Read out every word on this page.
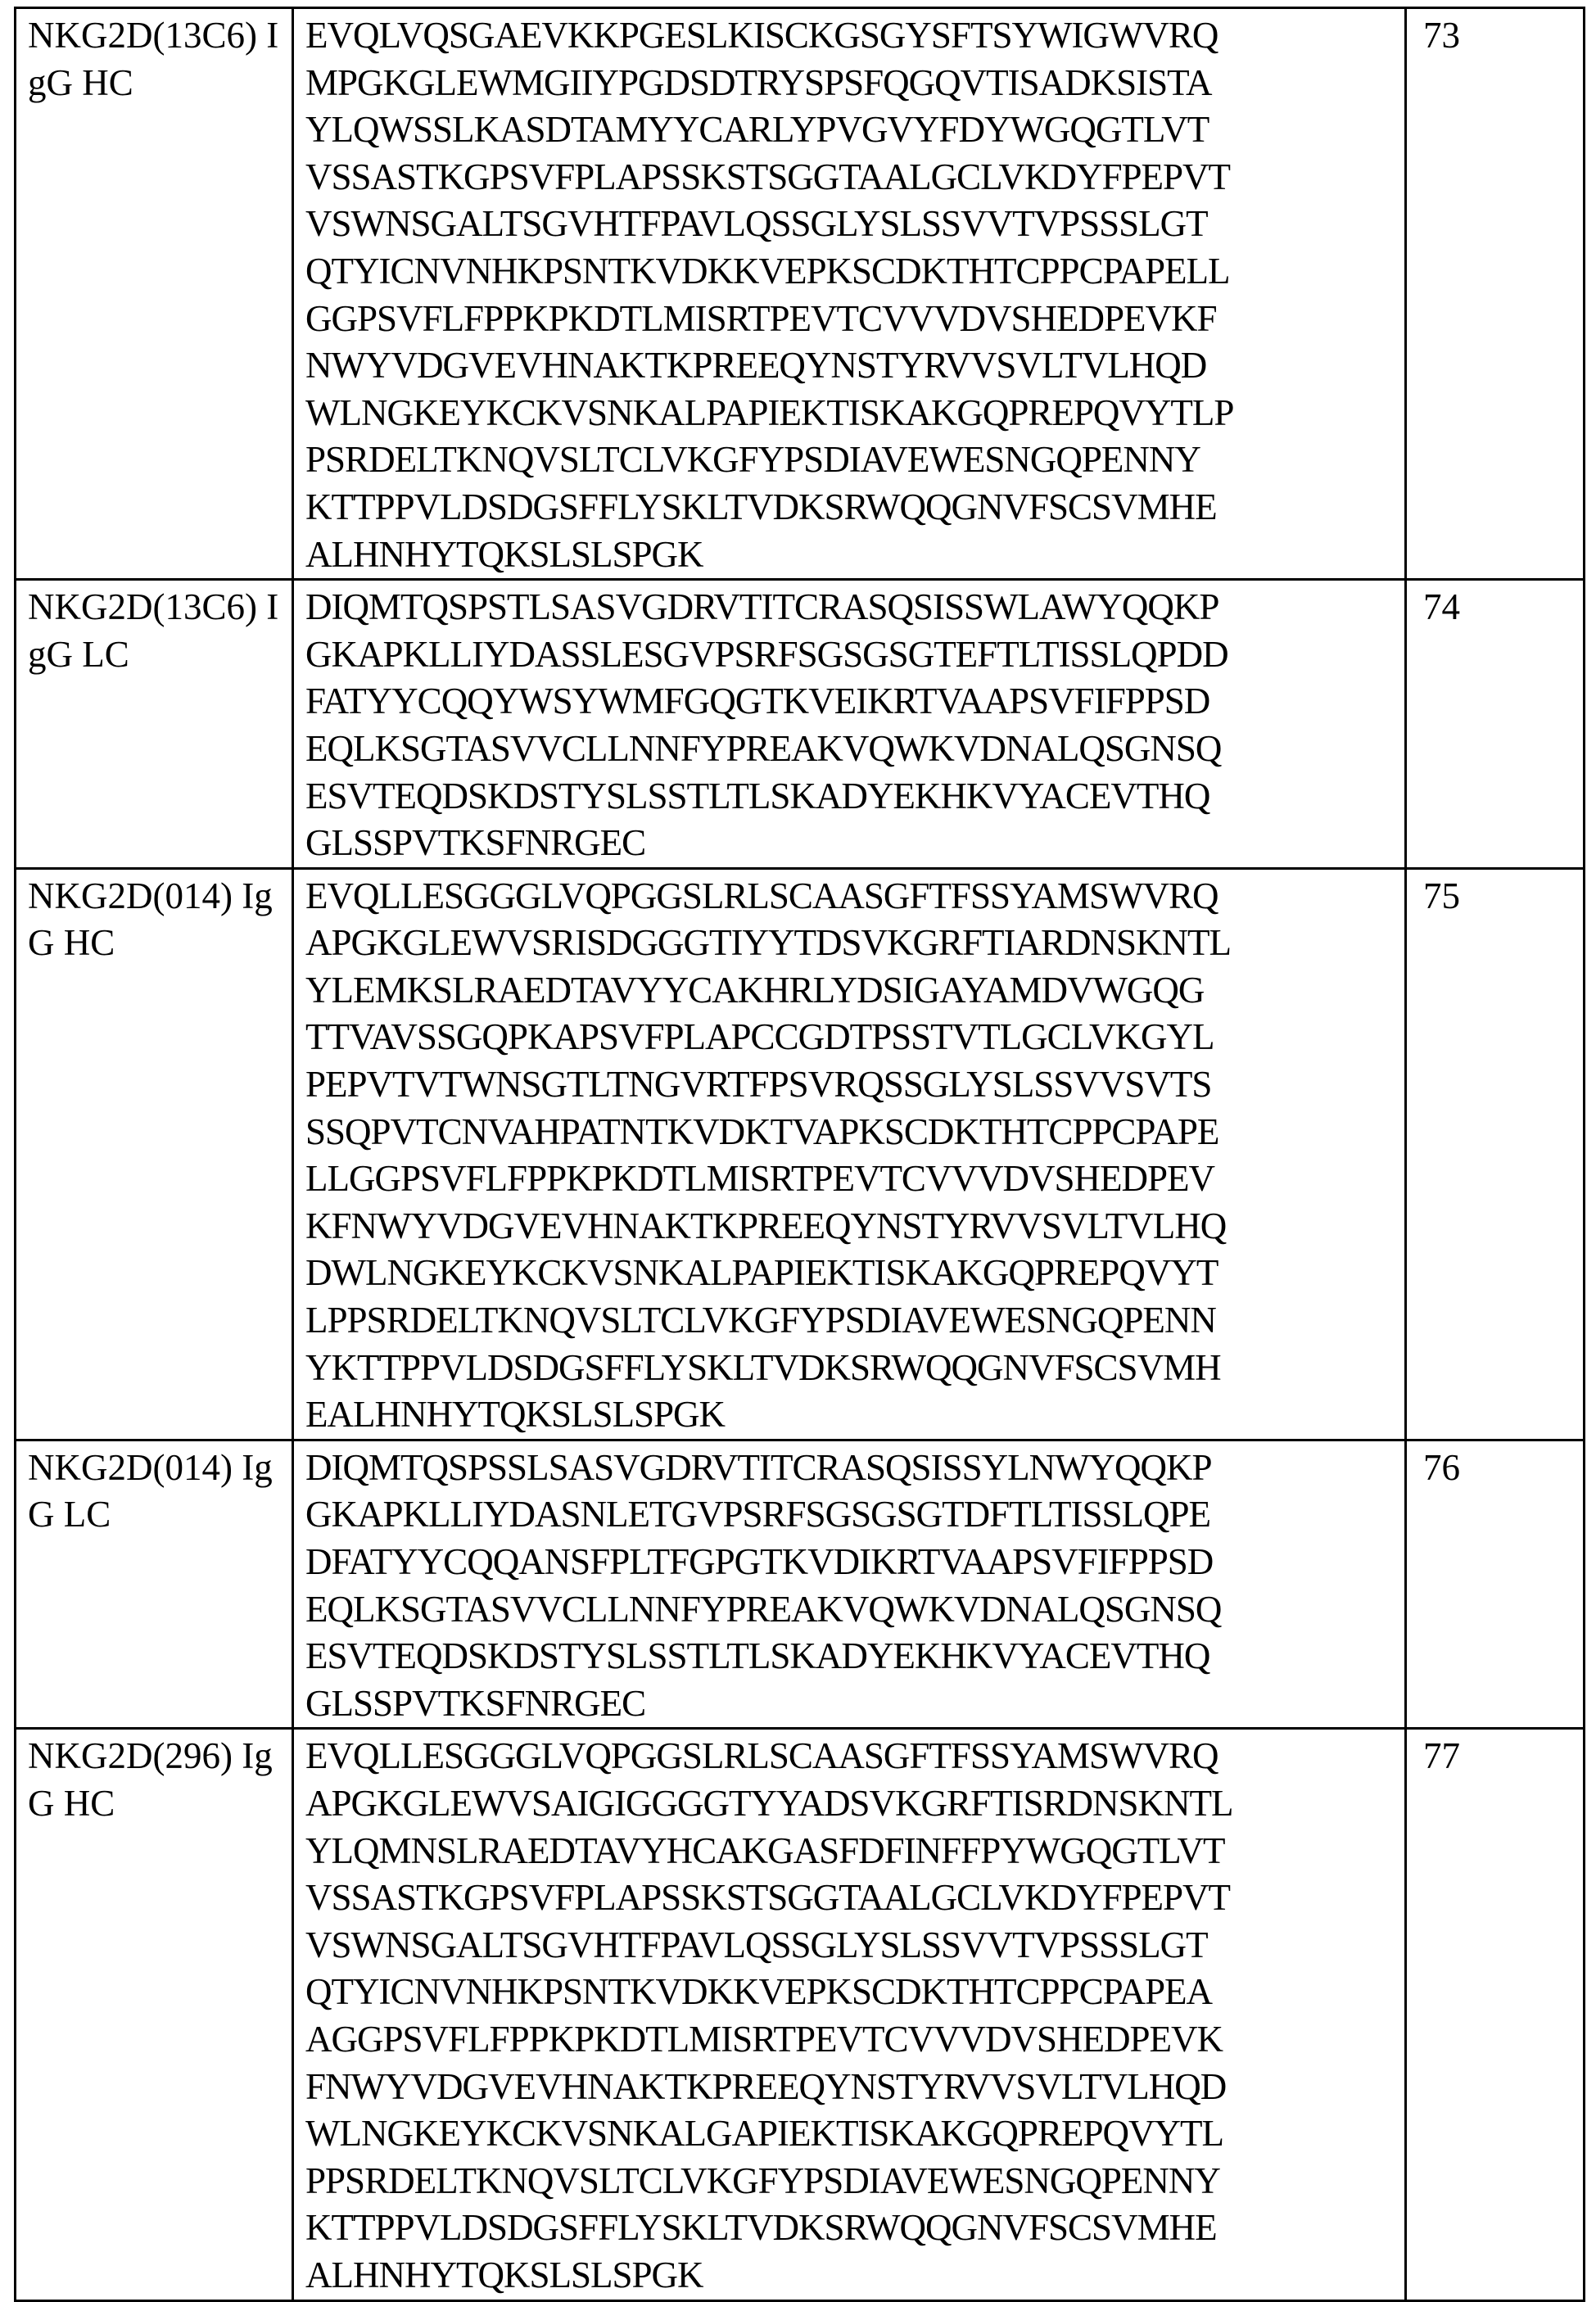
NKG2D(13C6) IgG HC	
EVQLVQSGAEVKKPGESLKISCKGSGYSFTSYWIGWVRQ
MPGKGLEWMGIIYPGDSDTRYSPSFQGQVTISADKSISTA
YLQWSSLKASDTAMYYCARLYPVGVYFDYWGQGTLVT
VSSASTKGPSVFPLAPSSKSTSGGTAALGCLVKDYFPEPVT
VSWNSGALTSGVHTFPAVLQSSGLYSLSSVVTVPSSSLGT
QTYICNVNHKPSNTKVDKKVEPKSCDKTHTCPPCPAPELL
GGPSVFLFPPKPKDTLMISRTPEVTCVVVDVSHEDPEVKF
NWYVDGVEVHNAKTKPREEQYNSTYRVVSVLTVLHQD
WLNGKEYKCKVSNKALPAPIEKTISKAKGQPREPQVYTLP
PSRDELTKNQVSLTCLVKGFYPSDIAVEWESNGQPENNY
KTTPPVLDSDGSFFLYSKLTVDKSRWQQGNVFSCSVMHE
ALHNHYTQKSLSLSPGK
	73
NKG2D(13C6) IgG LC	
DIQMTQSPSTLSASVGDRVTITCRASQSISSWLAWYQQKP
GKAPKLLIYDASSLESGVPSRFSGSGSGTEFTLTISSLQPDD
FATYYCQQYWSYWMFGQGTKVEIKRTVAAPSVFIFPPSD
EQLKSGTASVVCLLNNFYPREAKVQWKVDNALQSGNSQ
ESVTEQDSKDSTYSLSSTLTLSKADYEKHKVYACEVTHQ
GLSSPVTKSFNRGEC
	74
NKG2D(014) IgG HC	
EVQLLESGGGLVQPGGSLRLSCAASGFTFSSYAMSWVRQ
APGKGLEWVSRISDGGGTIYYTDSVKGRFTIARDNSKNTL
YLEMKSLRAEDTAVYYCAKHRLYDSIGAYAMDVWGQG
TTVAVSSGQPKAPSVFPLAPCCGDTPSSTVTLGCLVKGYL
PEPVTVTWNSGTLTNGVRTFPSVRQSSGLYSLSSVVSVTS
SSQPVTCNVAHPATNTKVDKTVAPKSCDKTHTCPPCPAPE
LLGGPSVFLFPPKPKDTLMISRTPEVTCVVVDVSHEDPEV
KFNWYVDGVEVHNAKTKPREEQYNSTYRVVSVLTVLHQ
DWLNGKEYKCKVSNKALPAPIEKTISKAKGQPREPQVYT
LPPSRDELTKNQVSLTCLVKGFYPSDIAVEWESNGQPENN
YKTTPPVLDSDGSFFLYSKLTVDKSRWQQGNVFSCSVMH
EALHNHYTQKSLSLSPGK
	75
NKG2D(014) IgG LC	
DIQMTQSPSSLSASVGDRVTITCRASQSISSYLNWYQQKP
GKAPKLLIYDASNLETGVPSRFSGSGSGTDFTLTISSLQPE
DFATYYCQQANSFPLTFGPGTKVDIKRTVAAPSVFIFPPSD
EQLKSGTASVVCLLNNFYPREAKVQWKVDNALQSGNSQ
ESVTEQDSKDSTYSLSSTLTLSKADYEKHKVYACEVTHQ
GLSSPVTKSFNRGEC
	76
NKG2D(296) IgG HC	
EVQLLESGGGLVQPGGSLRLSCAASGFTFSSYAMSWVRQ
APGKGLEWVSAIGIGGGGTYYADSVKGRFTISRDNSKNTL
YLQMNSLRAEDTAVYHCAKGASFDFINFFPYWGQGTLVT
VSSASTKGPSVFPLAPSSKSTSGGTAALGCLVKDYFPEPVT
VSWNSGALTSGVHTFPAVLQSSGLYSLSSVVTVPSSSLGT
QTYICNVNHKPSNTKVDKKVEPKSCDKTHTCPPCPAPEA
AGGPSVFLFPPKPKDTLMISRTPEVTCVVVDVSHEDPEVK
FNWYVDGVEVHNAKTKPREEQYNSTYRVVSVLTVLHQD
WLNGKEYKCKVSNKALGAPIEKTISKAKGQPREPQVYTL
PPSRDELTKNQVSLTCLVKGFYPSDIAVEWESNGQPENNY
KTTPPVLDSDGSFFLYSKLTVDKSRWQQGNVFSCSVMHE
ALHNHYTQKSLSLSPGK
	77
